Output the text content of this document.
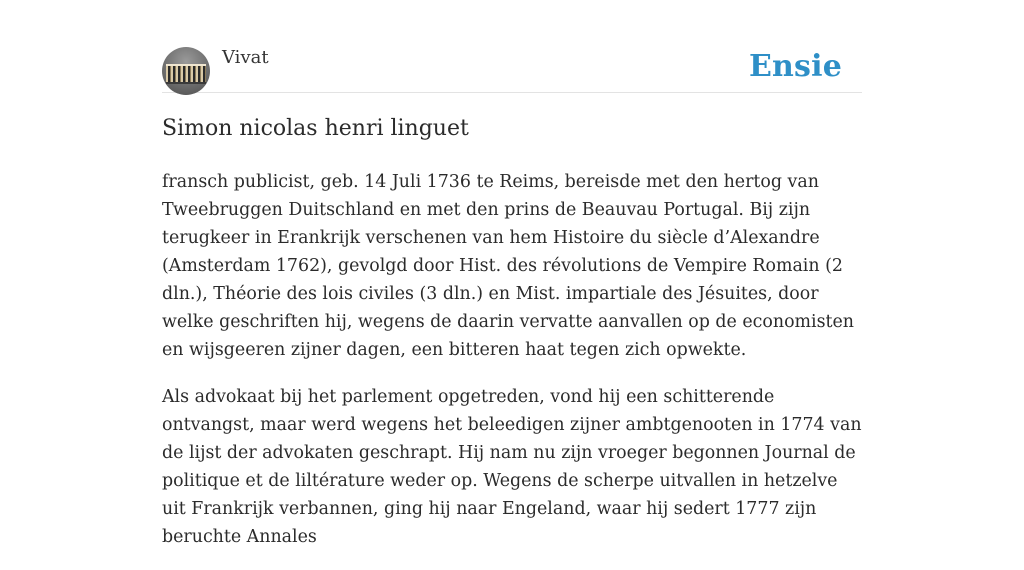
Vivat	Ensie
Simon nicolas henri linguet

fransch publicist, geb. 14 Juli 1736 te Reims, bereisde met den hertog van Tweebruggen Duitschland en met den prins de Beauvau Portugal. Bij zijn terugkeer in Erankrijk verschenen van hem Histoire du siècle d’Alexandre (Amsterdam 1762), gevolgd door Hist. des révolutions de Vempire Romain (2 dln.), Théorie des lois civiles (3 dln.) en Mist. impartiale des Jésuites, door welke geschriften hij, wegens de daarin vervatte aanvallen op de economisten en wijsgeeren zijner dagen, een bitteren haat tegen zich opwekte.

Als advokaat bij het parlement opgetreden, vond hij een schitterende ontvangst, maar werd wegens het beleedigen zijner ambtgenooten in 1774 van de lijst der advokaten geschrapt. Hij nam nu zijn vroeger begonnen Journal de politique et de liltérature weder op. Wegens de scherpe uitvallen in hetzelve uit Frankrijk verbannen, ging hij naar Engeland, waar hij sedert 1777 zijn beruchte Annales
